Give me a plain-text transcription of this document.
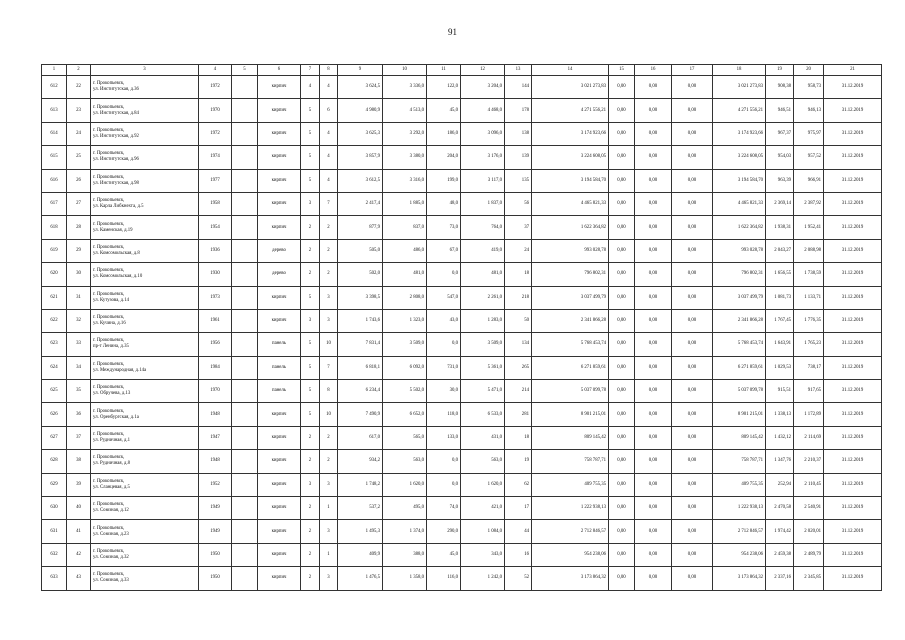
91
1	2	3	4	5	6	7	8	9	10	11	12	13	14	15	16	17	18	19	20	21
612	22	г. Прокопьевск,
ул. Институтская, д.36	1972		кирпич	4	4	3 624,5	3 336,0	122,0	3 204,0	144	3 021 273,83	0,00	0,00	0,00	3 021 273,83	908,38	958,73	31.12.2019
613	23	г. Прокопьевск,
ул. Институтская, д.84	1970		кирпич	5	6	4 980,9	4 513,0	45,0	4 468,0	178	4 271 556,21	0,00	0,00	0,00	4 271 556,21	946,51	946,13	31.12.2019
614	24	г. Прокопьевск,
ул. Институтская, д.92	1972		кирпич	5	4	3 625,3	3 292,0	186,0	3 096,0	138	3 174 923,66	0,00	0,00	0,00	3 174 923,66	967,37	975,97	31.12.2019
615	25	г. Прокопьевск,
ул. Институтская, д.96	1974		кирпич	5	4	3 857,9	3 380,0	204,0	3 176,0	139	3 224 608,05	0,00	0,00	0,00	3 224 608,05	954,03	957,52	31.12.2019
616	26	г. Прокопьевск,
ул. Институтская, д.98	1977		кирпич	5	4	3 612,5	3 316,0	199,0	3 117,0	135	3 194 584,70	0,00	0,00	0,00	3 194 584,70	963,39	966,91	31.12.2019
617	27	г. Прокопьевск,
ул. Карла Либкнехта, д.5	1958		кирпич	3	7	2 417,4	1 885,0	48,0	1 837,0	56	4 465 821,33	0,00	0,00	0,00	4 465 821,33	2 369,14	2 387,92	31.12.2019
618	28	г. Прокопьевск,
ул. Каменская, д.19	1954		кирпич	2	2	877,9	837,0	73,0	764,0	37	1 622 364,82	0,00	0,00	0,00	1 622 364,82	1 938,31	1 952,41	31.12.2019
619	29	г. Прокопьевск,
ул. Комсомольская, д.8	1936		дерево	2	2	505,0	486,0	67,0	419,0	24	993 028,78	0,00	0,00	0,00	993 028,78	2 043,27	2 088,98	31.12.2019
620	30	г. Прокопьевск,
ул. Комсомольская, д.10	1930		дерево	2	2	502,0	481,0	0,0	481,0	18	796 802,31	0,00	0,00	0,00	796 802,31	1 656,55	1 738,59	31.12.2019
621	31	г. Прокопьевск,
ул. Кутузова, д.14	1973		кирпич	5	3	3 398,5	2 808,0	547,0	2 261,0	218	3 037 499,79	0,00	0,00	0,00	3 037 499,79	1 081,73	1 133,71	31.12.2019
622	32	г. Прокопьевск,
ул. Кучина, д.16	1961		кирпич	3	3	1 743,6	1 323,0	43,0	1 283,0	50	2 341 866,28	0,00	0,00	0,00	2 341 866,28	1 767,45	1 776,35	31.12.2019
623	33	г. Прокопьевск,
пр-т Ленина, д.35	1956		панель	5	10	7 831,4	3 509,0	0,0	3 509,0	134	5 768 453,74	0,00	0,00	0,00	5 768 453,74	1 643,91	1 765,23	31.12.2019
624	34	г. Прокопьевск,
ул. Международная, д.14а	1984		панель	5	7	6 818,1	6 092,0	731,0	5 361,0	265	6 271 859,61	0,00	0,00	0,00	6 271 859,61	1 029,53	738,17	31.12.2019
625	35	г. Прокопьевск,
ул. Обручева, д.13	1970		панель	5	8	6 234,4	5 502,0	30,0	5 471,0	214	5 037 099,78	0,00	0,00	0,00	5 037 099,78	915,51	917,65	31.12.2019
626	36	г. Прокопьевск,
ул. Оренбургская, д.1а	1948		кирпич	5	10	7 490,9	6 652,0	118,0	6 533,0	281	8 901 215,01	0,00	0,00	0,00	8 901 215,01	1 338,13	1 172,89	31.12.2019
627	37	г. Прокопьевск,
ул. Рудничная, д.1	1947		кирпич	2	2	617,0	565,0	133,0	431,0	18	809 145,42	0,00	0,00	0,00	809 145,42	1 432,12	2 114,69	31.12.2019
628	38	г. Прокопьевск,
ул. Рудничная, д.8	1948		кирпич	2	2	934,2	563,0	0,0	563,0	19	758 787,71	0,00	0,00	0,00	758 787,71	1 347,76	2 210,37	31.12.2019
629	39	г. Прокопьевск,
ул. Сланцевая, д.5	1952		кирпич	3	3	1 748,2	1 620,0	0,0	1 620,0	62	409 755,35	0,00	0,00	0,00	409 755,35	252,94	2 110,45	31.12.2019
630	40	г. Прокопьевск,
ул. Союзная, д.12	1949		кирпич	2	1	537,2	495,0	74,0	421,0	17	1 222 938,13	0,00	0,00	0,00	1 222 938,13	2 470,58	2 540,91	31.12.2019
631	41	г. Прокопьевск,
ул. Союзная, д.23	1949		кирпич	2	3	1 495,3	1 374,0	290,0	1 084,0	44	2 712 846,57	0,00	0,00	0,00	2 712 846,57	1 974,42	2 020,01	31.12.2019
632	42	г. Прокопьевск,
ул. Союзная, д.32	1950		кирпич	2	1	409,9	388,0	45,0	343,0	16	954 238,06	0,00	0,00	0,00	954 238,06	2 459,38	2 489,79	31.12.2019
633	43	г. Прокопьевск,
ул. Союзная, д.33	1950		кирпич	2	3	1 476,5	1 358,0	116,0	1 242,0	52	3 173 864,32	0,00	0,00	0,00	3 173 864,32	2 337,16	2 345,85	31.12.2019
